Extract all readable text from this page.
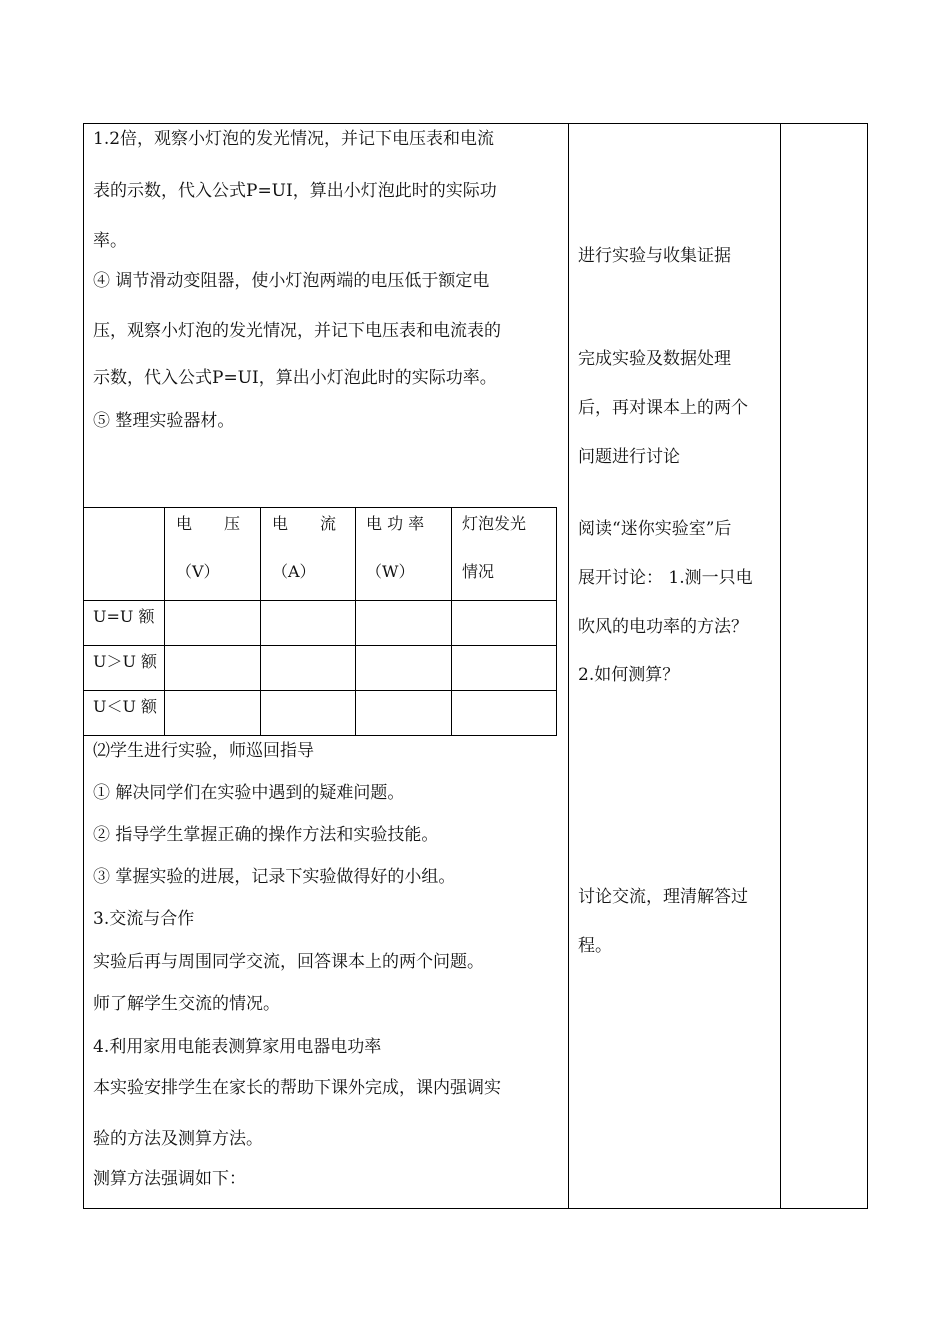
1.2倍，观察小灯泡的发光情况，并记下电压表和电流
表的示数，代入公式P=UI，算出小灯泡此时的实际功
率。
④ 调节滑动变阻器，使小灯泡两端的电压低于额定电
压，观察小灯泡的发光情况，并记下电压表和电流表的
示数，代入公式P=UI，算出小灯泡此时的实际功率。
⑤ 整理实验器材。
电　　压
（V）
电　　流
（A）
电 功 率
（W）
灯泡发光
情况
U=U 额
U＞U 额
U＜U 额
⑵学生进行实验，师巡回指导
① 解决同学们在实验中遇到的疑难问题。
② 指导学生掌握正确的操作方法和实验技能。
③ 掌握实验的进展，记录下实验做得好的小组。
3.交流与合作
实验后再与周围同学交流，回答课本上的两个问题。
师了解学生交流的情况。
4.利用家用电能表测算家用电器电功率
本实验安排学生在家长的帮助下课外完成，课内强调实
验的方法及测算方法。
测算方法强调如下：
进行实验与收集证据
完成实验及数据处理
后，再对课本上的两个
问题进行讨论
阅读“迷你实验室”后
展开讨论： 1.测一只电
吹风的电功率的方法？
2.如何测算？
讨论交流，理清解答过
程。
